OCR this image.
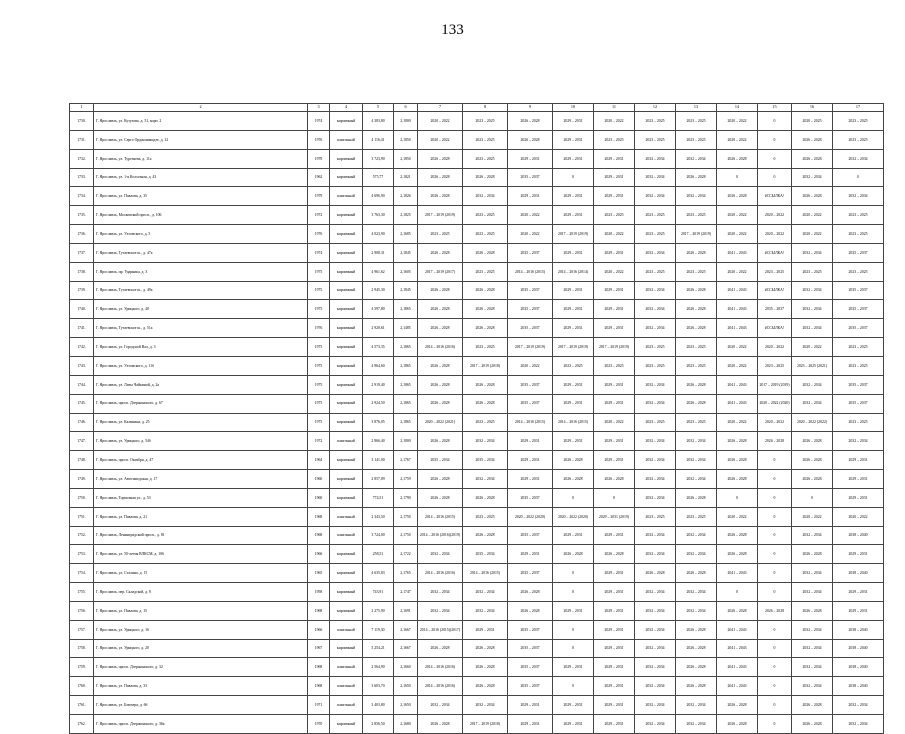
133
1	2	3	4	5	6	7	8	9	10	11	12	13	14	15	16	17
1730.	Г. Ярославль, ул. Кутузова, д. 51, корп. 2	1974	кирпичный	4 383,80	2,1800	2020 – 2022	2023 – 2025	2026 – 2028	2029 – 2031	2020 – 2022	2023 – 2025	2023 – 2025	2020 – 2022	0	2020 – 2025	2023 – 2025
1731.	Г. Ярославль, ул. Серго Орджоникидзе, д. 12	1976	панельный	4 116,41	2,1850	2020 – 2022	2023 – 2025	2026 – 2028	2029 – 2031	2023 – 2025	2023 – 2025	2023 – 2025	2020 – 2022	0	2026 – 2028	2023 – 2025
1732.	Г. Ярославль, ул. Тургенева, д. 11а	1978	кирпичный	3 723,90	2,1850	2026 – 2028	2023 – 2025	2029 – 2031	2029 – 2031	2029 – 2031	2032 – 2034	2032 – 2034	2026 – 2028	0	2026 – 2028	2032 – 2034
1733.	Г. Ярославль, ул. 1-я Колхозная, д. 43	1962	кирпичный	575,77	2,1821	2026 – 2028	2026 – 2028	2035 – 2037	0	2029 – 2031	2032 – 2034	2026 – 2028	0	0	2032 – 2034	0
1734.	Г. Ярославль, ул. Павлова, д. 35	1979	панельный	4 696,90	2,1826	2026 – 2028	2032 – 2034	2029 – 2031	2029 – 2031	2029 – 2031	2032 – 2034	2032 – 2034	2026 – 2028	#ССЫЛКА!	2026 – 2028	2032 – 2034
1735.	Г. Ярославль, Московский просп., д. 106	1972	кирпичный	3 763,30	2,1825	2017 – 2019 (2019)	2023 – 2025	2020 – 2022	2029 – 2031	2023 – 2025	2023 – 2025	2023 – 2025	2020 – 2022	2020 – 2022	2020 – 2022	2023 – 2025
1736.	Г. Ярославль, ул. Ухтомского, д. 5	1976	кирпичный	4 023,90	2,1685	2023 – 2025	2023 – 2025	2020 – 2022	2017 – 2019 (2019)	2020 – 2022	2023 – 2025	2017 – 2019 (2019)	2020 – 2022	2020 – 2022	2020 – 2022	2023 – 2025
1737.	Г. Ярославль, Тутаевское ш., д. 47а	1974	кирпичный	2 908,31	2,1845	2026 – 2028	2026 – 2028	2035 – 2037	2029 – 2031	2029 – 2031	2032 – 2034	2026 – 2028	2041 – 2043	#ССЫЛКА!	2032 – 2034	2035 – 2037
1738.	Г. Ярославль, пр. Ударника, д. 3	1975	кирпичный	4 961,62	2,1605	2017 – 2019 (2017)	2023 – 2025	2014 – 2016 (2015)	2014 – 2016 (2014)	2020 – 2022	2023 – 2025	2023 – 2025	2020 – 2022	2023 – 2025	2023 – 2025	2023 – 2025
1739.	Г. Ярославль, Тутаевское ш., д. 49а	1975	кирпичный	2 945,30	2,1845	2026 – 2028	2026 – 2028	2035 – 2037	2029 – 2031	2029 – 2031	2032 – 2034	2026 – 2028	2041 – 2043	#ССЫЛКА!	2032 – 2034	2035 – 2037
1740.	Г. Ярославль, ул. Урицкого, д. 40	1975	кирпичный	4 597,80	2,1865	2026 – 2028	2026 – 2028	2035 – 2037	2029 – 2031	2029 – 2031	2032 – 2034	2026 – 2028	2041 – 2043	2035 – 2037	2032 – 2034	2035 – 2037
1741.	Г. Ярославль, Тутаевское ш., д. 51а	1976	кирпичный	2 920,61	2,1485	2026 – 2028	2026 – 2028	2035 – 2037	2029 – 2031	2029 – 2031	2032 – 2034	2026 – 2028	2041 – 2043	#ССЫЛКА!	2032 – 2034	2035 – 2037
1742.	Г. Ярославль, ул. Городской Вал, д. 3	1975	кирпичный	4 573,35	2,1865	2014 – 2016 (2016)	2023 – 2025	2017 – 2019 (2019)	2017 – 2019 (2019)	2017 – 2019 (2019)	2023 – 2025	2023 – 2025	2020 – 2022	2020 – 2022	2020 – 2022	2023 – 2025
1743.	Г. Ярославль, ул. Ухтомского, д. 11б	1975	кирпичный	4 964,60	2,1865	2026 – 2028	2017 – 2019 (2018)	2020 – 2022	2023 – 2025	2023 – 2025	2023 – 2025	2023 – 2025	2020 – 2022	2023 – 2025	2023 – 2025 (2021)	2023 – 2025
1744.	Г. Ярославль, ул. Лизы Чайкиной, д. 2а	1975	кирпичный	2 919,40	2,1865	2026 – 2028	2026 – 2028	2035 – 2037	2029 – 2031	2029 – 2031	2032 – 2034	2026 – 2028	2041 – 2043	2017 – 2019 (2019)	2032 – 2034	2035 – 2037
1745.	Г. Ярославль, просп. Дзержинского, д. 67	1975	кирпичный	2 924,50	2,1865	2026 – 2028	2026 – 2028	2035 – 2037	2029 – 2031	2029 – 2031	2032 – 2034	2026 – 2028	2041 – 2043	2020 – 2022 (2020)	2032 – 2034	2035 – 2037
1746.	Г. Ярославль, ул. Калинина, д. 25	1975	кирпичный	3 876,05	2,1865	2020 – 2022 (2021)	2023 – 2025	2014 – 2016 (2015)	2014 – 2016 (2015)	2020 – 2022	2023 – 2025	2023 – 2025	2020 – 2022	2020 – 2022	2020 – 2022 (2022)	2023 – 2025
1747.	Г. Ярославль, ул. Урицкого, д. 54б	1972	панельный	2 866,40	2,1800	2026 – 2028	2032 – 2034	2029 – 2031	2029 – 2031	2029 – 2031	2032 – 2034	2032 – 2034	2026 – 2028	2026 – 2028	2026 – 2028	2032 – 2034
1748.	Г. Ярославль, просп. Октября, д. 47	1964	кирпичный	3 141,00	2,1767	2035 – 2034	2035 – 2034	2029 – 2031	2026 – 2028	2029 – 2031	2032 – 2034	2032 – 2034	2026 – 2028	0	2026 – 2028	2029 – 2031
1749.	Г. Ярославль, ул. Автозаводская, д. 17	1960	кирпичный	2 857,09	2,1759	2026 – 2028	2032 – 2034	2029 – 2031	2026 – 2028	2026 – 2028	2032 – 2034	2032 – 2034	2026 – 2028	0	2026 – 2028	2029 – 2031
1750.	Г. Ярославль, Тормозная ул., д. 53	1960	кирпичный	774,51	2,1790	2026 – 2028	2026 – 2028	2035 – 2037	0	0	2032 – 2034	2026 – 2028	0	0	0	2029 – 2031
1751.	Г. Ярославль, ул. Павлова, д. 21	1968	панельный	2 343,50	2,1750	2014 – 2016 (2015)	2023 – 2025	2020 – 2022 (2020)	2020 – 2022 (2020)	2029 – 2031 (2019)	2023 – 2025	2023 – 2025	2020 – 2022	0	2020 – 2022	2020 – 2022
1752.	Г. Ярославль, Ленинградский просп., д. 81	1968	панельный	3 724,00	2,1750	2014 – 2016 (2016)(2019)	2026 – 2028	2035 – 2037	2029 – 2031	2029 – 2031	2032 – 2034	2032 – 2034	2026 – 2028	0	2032 – 2034	2038 – 2040
1753.	Г. Ярославль, ул. 50-летия ВЛКСМ, д. 106	1966	кирпичный	258,51	2,1722	2032 – 2034	2035 – 2034	2029 – 2031	2026 – 2028	2026 – 2028	2032 – 2034	2032 – 2034	2026 – 2028	0	2026 – 2028	2029 – 2031
1754.	Г. Ярославль, ул. Сталина, д. 15	1965	кирпичный	4 635,83	2,1765	2014 – 2016 (2016)	2014 – 2016 (2015)	2035 – 2037	0	2029 – 2031	2026 – 2028	2026 – 2028	2041 – 2043	0	2032 – 2034	2038 – 2040
1755.	Г. Ярославль, пер. Складской, д. 8	1958	кирпичный	743,91	2,1747	2032 – 2034	2032 – 2034	2026 – 2028	0	2029 – 2031	2032 – 2034	2032 – 2034	0	0	2032 – 2034	2029 – 2031
1756.	Г. Ярославль, ул. Павлова, д. 15	1968	кирпичный	2 275,90	2,1691	2032 – 2034	2032 – 2034	2026 – 2028	2029 – 2031	2029 – 2031	2032 – 2034	2032 – 2034	2026 – 2028	2026 – 2028	2026 – 2028	2029 – 2031
1757.	Г. Ярославль, ул. Урицкого, д. 16	1966	панельный	7 119,30	2,1667	2014 – 2016 (2015)(2017)	2029 – 2031	2035 – 2037	0	2029 – 2031	2032 – 2034	2026 – 2028	2041 – 2043	0	2032 – 2034	2038 – 2040
1758.	Г. Ярославль, ул. Урицкого, д. 20	1967	кирпичный	5 254,21	2,1667	2026 – 2028	2026 – 2028	2035 – 2037	0	2029 – 2031	2032 – 2034	2026 – 2028	2041 – 2043	0	2032 – 2034	2038 – 2040
1759.	Г. Ярославль, просп. Дзержинского, д. 32	1968	панельный	2 564,90	2,1660	2014 – 2016 (2016)	2026 – 2028	2035 – 2037	2029 – 2031	2029 – 2031	2032 – 2034	2026 – 2028	2041 – 2043	0	2032 – 2034	2038 – 2040
1760.	Г. Ярославль, ул. Павлова, д. 33	1968	панельный	3 603,70	2,1650	2014 – 2016 (2016)	2026 – 2028	2035 – 2037	0	2029 – 2031	2032 – 2034	2026 – 2028	2041 – 2043	0	2032 – 2034	2038 – 2040
1761.	Г. Ярославль, ул. Блюхера, д. 66	1971	панельный	3 403,80	2,1650	2032 – 2034	2032 – 2034	2029 – 2031	2029 – 2031	2029 – 2031	2032 – 2034	2032 – 2034	2026 – 2028	0	2026 – 2028	2032 – 2034
1762.	Г. Ярославль, просп. Дзержинского, д. 36а	1970	кирпичный	2 856,50	2,1680	2026 – 2028	2017 – 2019 (2018)	2029 – 2031	2029 – 2031	2029 – 2031	2032 – 2034	2032 – 2034	2026 – 2028	0	2026 – 2028	2032 – 2034
